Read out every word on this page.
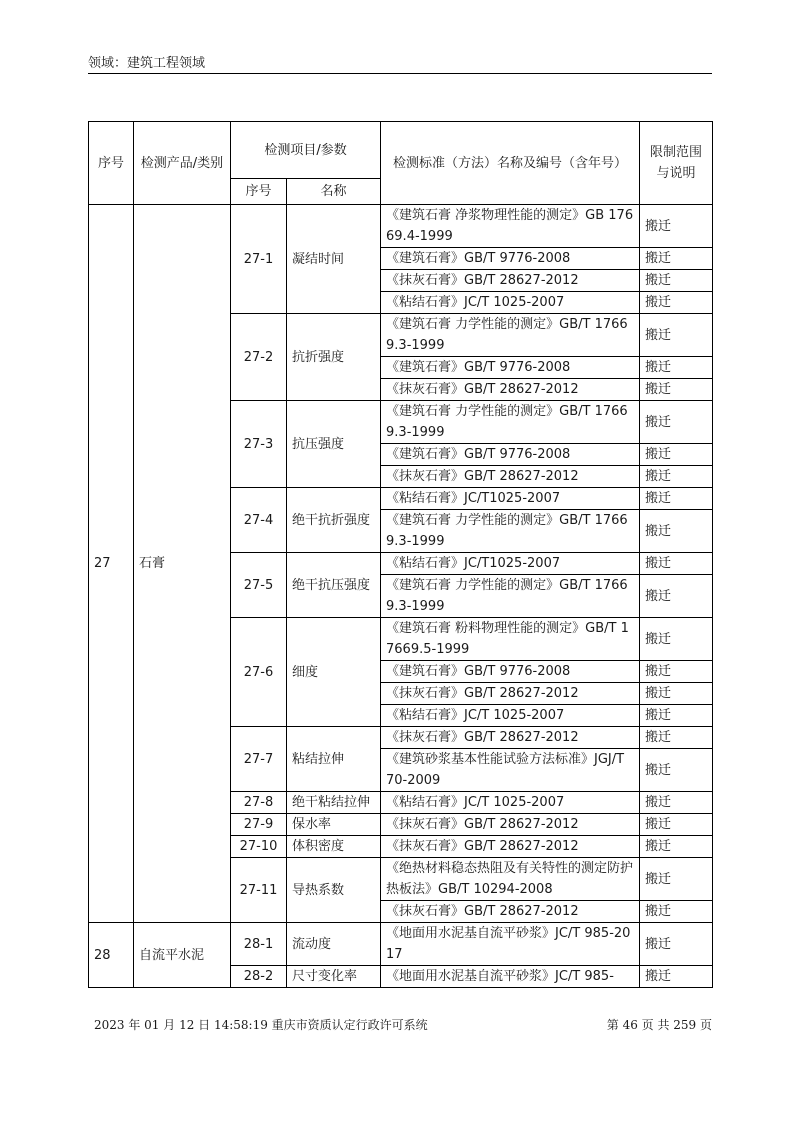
领域：建筑工程领域
序号	检测产品/类别	检测项目/参数		检测标准（方法）名称及编号（含年号）	限制范围与说明
		序号	名称		
27	石膏	27-1	凝结时间	《建筑石膏 净浆物理性能的测定》GB 17669.4-1999	搬迁
				《建筑石膏》GB/T 9776-2008	搬迁
				《抹灰石膏》GB/T 28627-2012	搬迁
				《粘结石膏》JC/T 1025-2007	搬迁
		27-2	抗折强度	《建筑石膏 力学性能的测定》GB/T 17669.3-1999	搬迁
				《建筑石膏》GB/T 9776-2008	搬迁
				《抹灰石膏》GB/T 28627-2012	搬迁
		27-3	抗压强度	《建筑石膏 力学性能的测定》GB/T 17669.3-1999	搬迁
				《建筑石膏》GB/T 9776-2008	搬迁
				《抹灰石膏》GB/T 28627-2012	搬迁
		27-4	绝干抗折强度	《粘结石膏》JC/T1025-2007	搬迁
				《建筑石膏 力学性能的测定》GB/T 17669.3-1999	搬迁
		27-5	绝干抗压强度	《粘结石膏》JC/T1025-2007	搬迁
				《建筑石膏 力学性能的测定》GB/T 17669.3-1999	搬迁
		27-6	细度	《建筑石膏 粉料物理性能的测定》GB/T 17669.5-1999	搬迁
				《建筑石膏》GB/T 9776-2008	搬迁
				《抹灰石膏》GB/T 28627-2012	搬迁
				《粘结石膏》JC/T 1025-2007	搬迁
		27-7	粘结拉伸	《抹灰石膏》GB/T 28627-2012	搬迁
				《建筑砂浆基本性能试验方法标准》JGJ/T 70-2009	搬迁
		27-8	绝干粘结拉伸	《粘结石膏》JC/T 1025-2007	搬迁
		27-9	保水率	《抹灰石膏》GB/T 28627-2012	搬迁
		27-10	体积密度	《抹灰石膏》GB/T 28627-2012	搬迁
		27-11	导热系数	《绝热材料稳态热阻及有关特性的测定防护热板法》GB/T 10294-2008	搬迁
				《抹灰石膏》GB/T 28627-2012	搬迁
28	自流平水泥	28-1	流动度	《地面用水泥基自流平砂浆》JC/T 985-2017	搬迁
		28-2	尺寸变化率	《地面用水泥基自流平砂浆》JC/T 985-	搬迁
2023 年 01 月 12 日 14:58:19 重庆市资质认定行政许可系统	第 46 页 共 259 页
